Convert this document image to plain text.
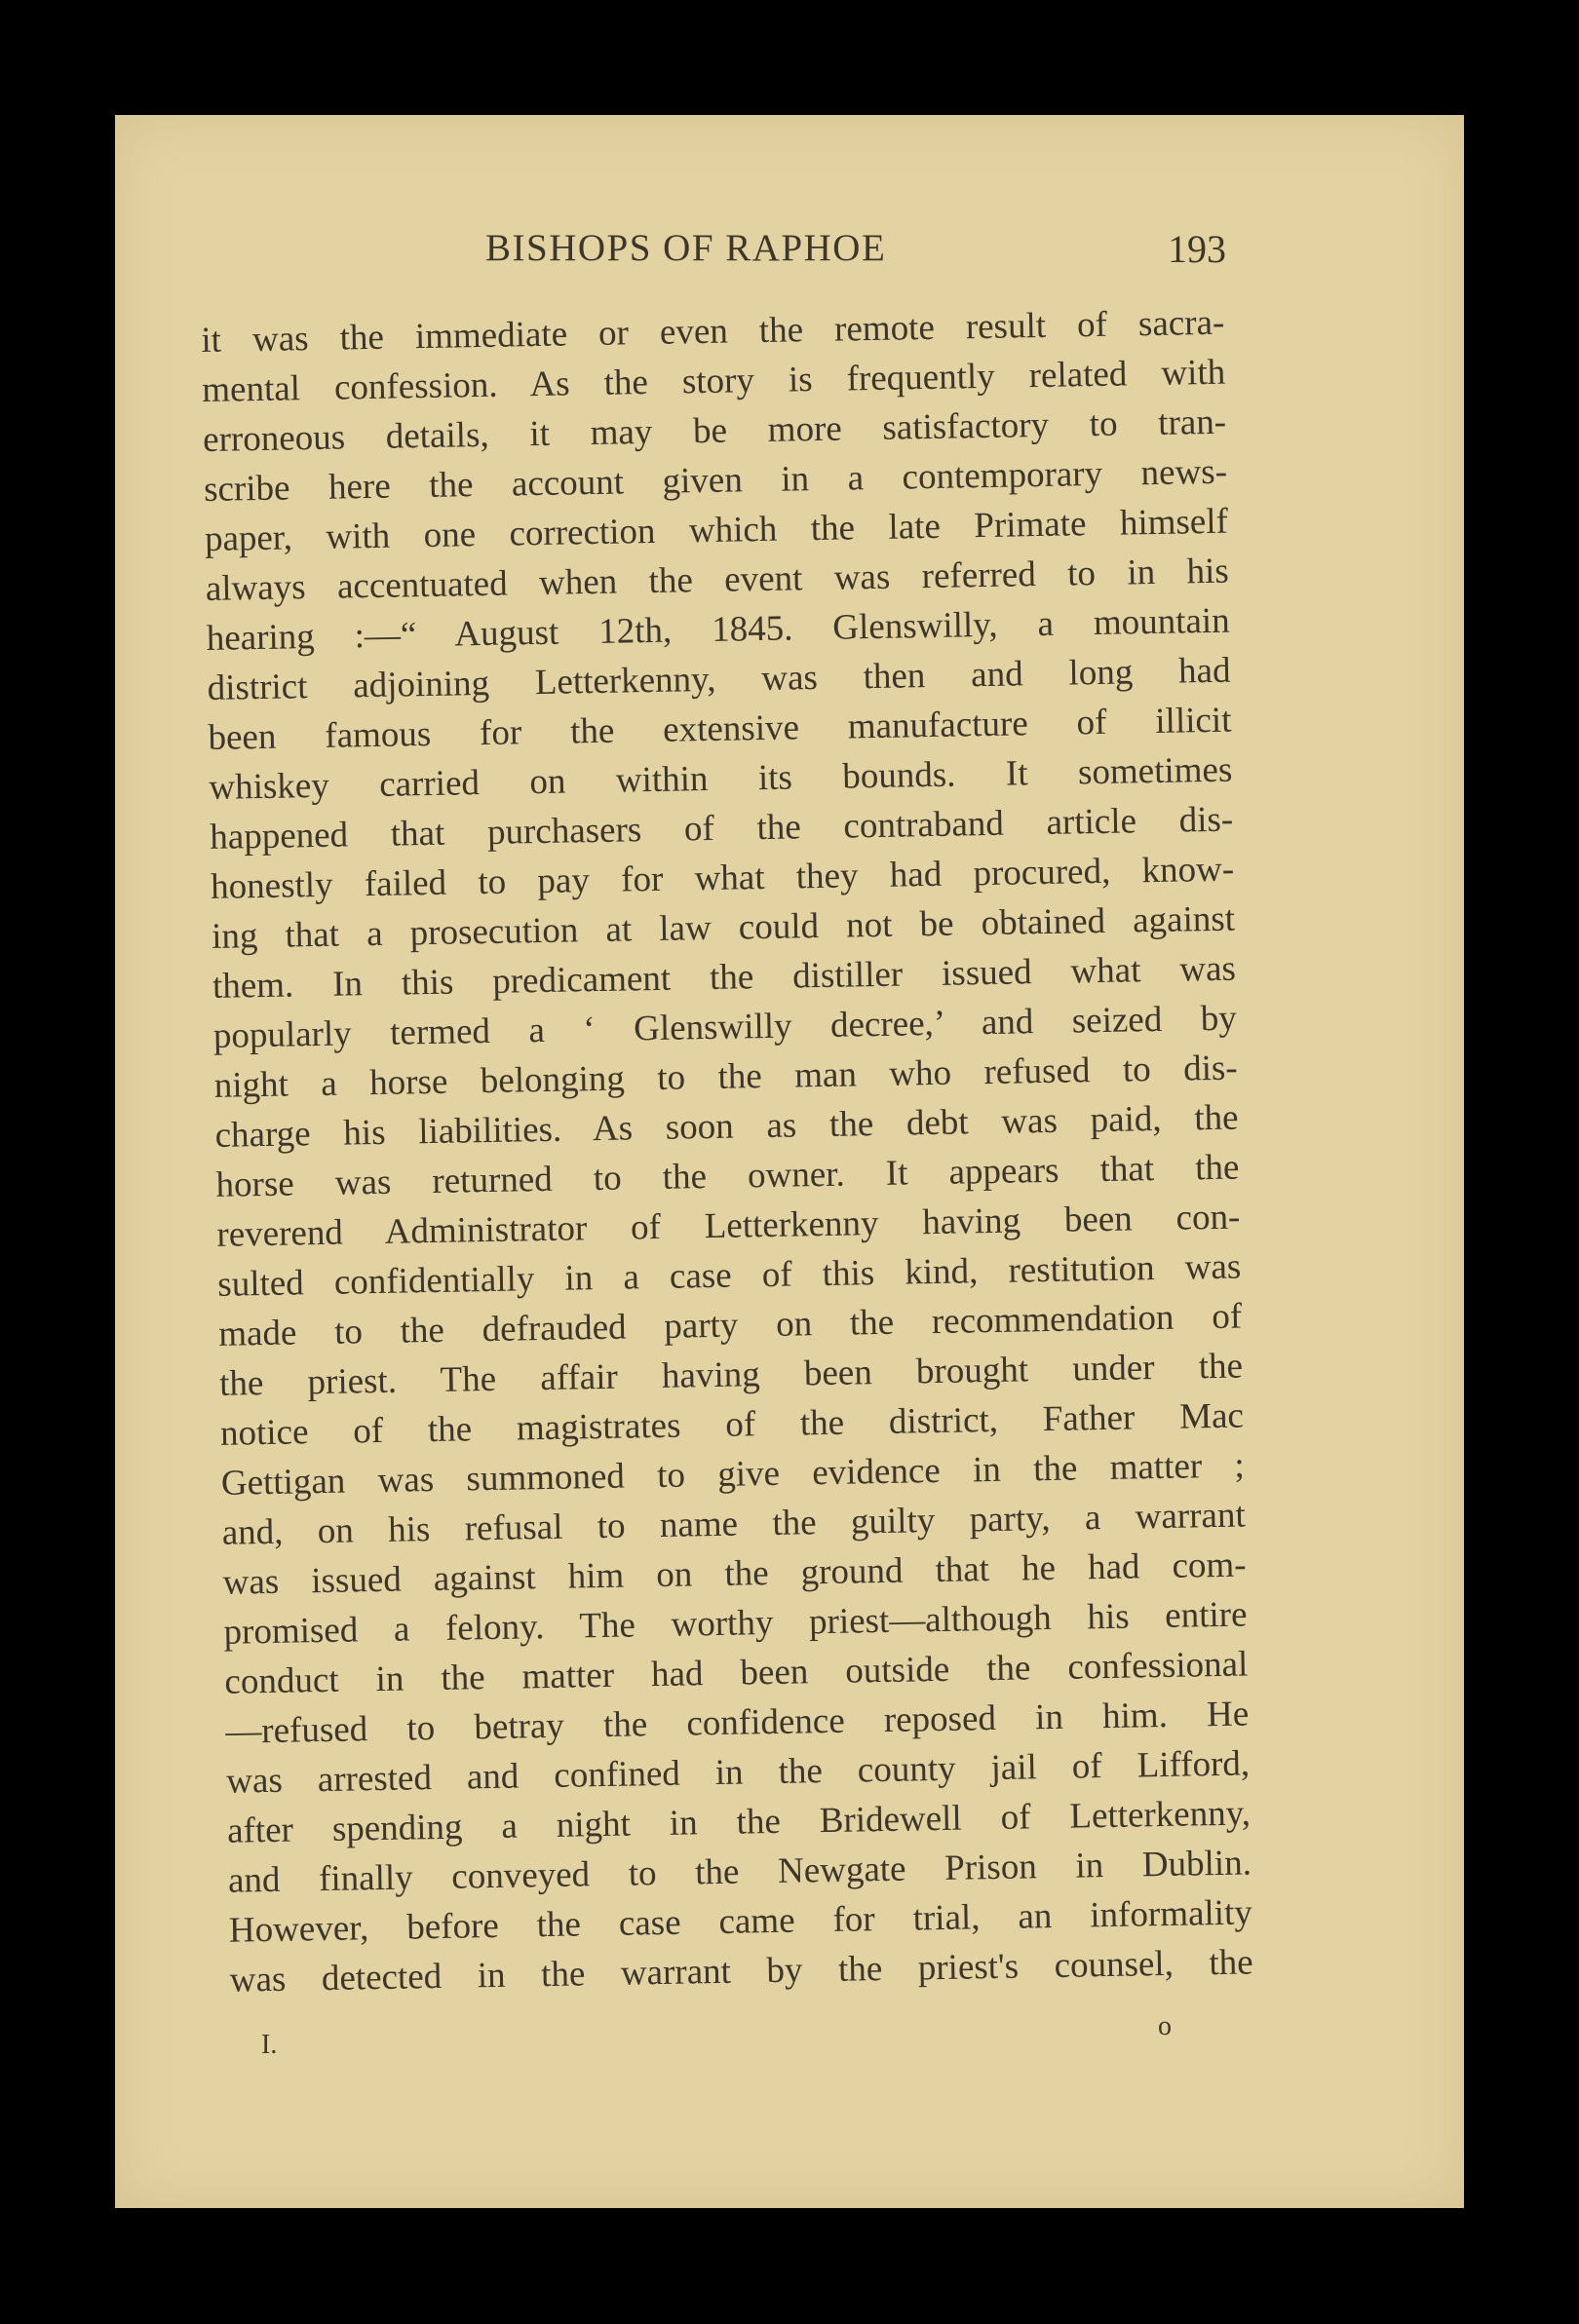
BISHOPS OF RAPHOE	193
it was the immediate or even the remote result of sacra-
mental confession. As the story is frequently related with
erroneous details, it may be more satisfactory to tran-
scribe here the account given in a contemporary news-
paper, with one correction which the late Primate himself
always accentuated when the event was referred to in his
hearing :—“ August 12th, 1845. Glenswilly, a mountain
district adjoining Letterkenny, was then and long had
been famous for the extensive manufacture of illicit
whiskey carried on within its bounds. It sometimes
happened that purchasers of the contraband article dis-
honestly failed to pay for what they had procured, know-
ing that a prosecution at law could not be obtained against
them. In this predicament the distiller issued what was
popularly termed a ‘ Glenswilly decree,’ and seized by
night a horse belonging to the man who refused to dis-
charge his liabilities. As soon as the debt was paid, the
horse was returned to the owner. It appears that the
reverend Administrator of Letterkenny having been con-
sulted confidentially in a case of this kind, restitution was
made to the defrauded party on the recommendation of
the priest. The affair having been brought under the
notice of the magistrates of the district, Father Mac
Gettigan was summoned to give evidence in the matter ;
and, on his refusal to name the guilty party, a warrant
was issued against him on the ground that he had com-
promised a felony. The worthy priest—although his entire
conduct in the matter had been outside the confessional
—refused to betray the confidence reposed in him. He
was arrested and confined in the county jail of Lifford,
after spending a night in the Bridewell of Letterkenny,
and finally conveyed to the Newgate Prison in Dublin.
However, before the case came for trial, an informality
was detected in the warrant by the priest's counsel, the
I.
o
